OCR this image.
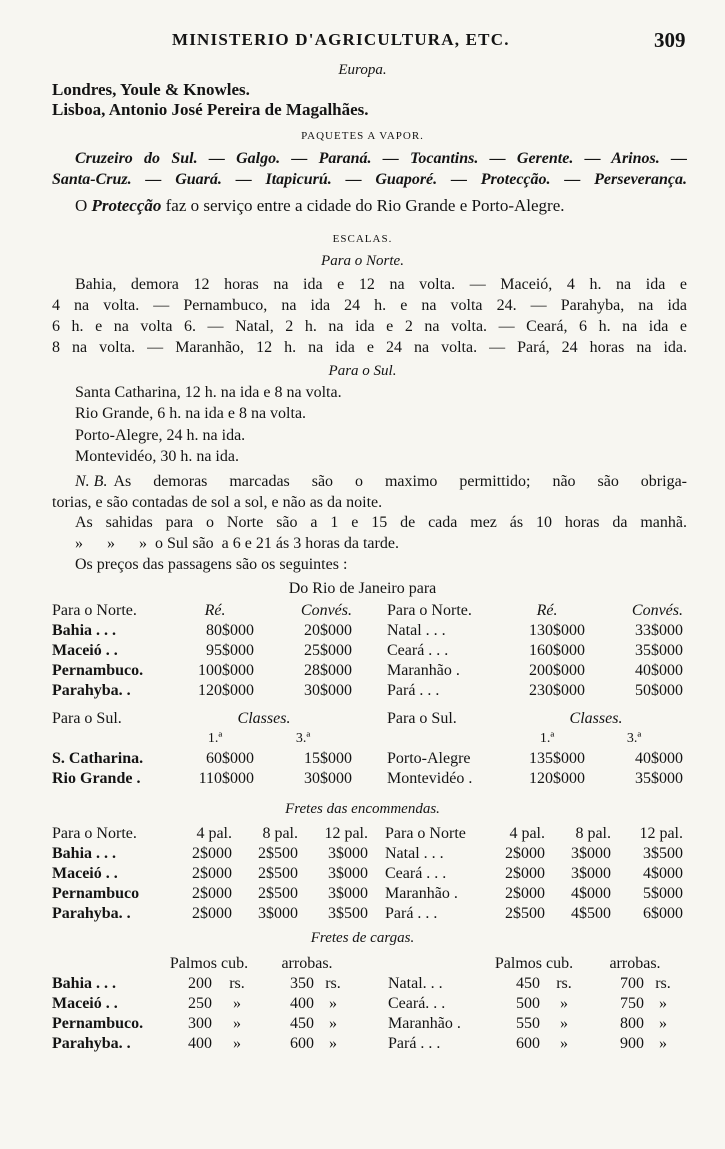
MINISTERIO D'AGRICULTURA, ETC.	309
Europa.
Londres, Youle & Knowles.
Lisboa, Antonio José Pereira de Magalhães.
PAQUETES A VAPOR.

Cruzeiro do Sul. — Galgo. — Paraná. — Tocantins. — Gerente. — Arinos. —

Santa-Cruz. — Guará. — Itapicurú. — Guaporé. — Protecção. — Perseverança.

O Protecção faz o serviço entre a cidade do Rio Grande e Porto-Alegre.
ESCALAS.
Para o Norte.

Bahia, demora 12 horas na ida e 12 na volta. — Maceió, 4 h. na ida e

4 na volta. — Pernambuco, na ida 24 h. e na volta 24. — Parahyba, na ida

6 h. e na volta 6. — Natal, 2 h. na ida e 2 na volta. — Ceará, 6 h. na ida e

8 na volta. — Maranhão, 12 h. na ida e 24 na volta. — Pará, 24 horas na ida.

Para o Sul.
Santa Catharina, 12 h. na ida e 8 na volta.
Rio Grande, 6 h. na ida e 8 na volta.
Porto-Alegre, 24 h. na ida.
Montevidéo, 30 h. na ida.
N. B. As demoras marcadas são o maximo permittido; não são obriga-
torias, e são contadas de sol a sol, e não as da noite.

As sahidas para o Norte são a 1 e 15 de cada mez ás 10 horas da manhã.

»      »      »  o Sul são  a 6 e 21 ás 3 horas da tarde.
Os preços das passagens são os seguintes :
Do Rio de Janeiro para
Para o Norte.	Ré.	Convés.
Bahia . . .	80$000	20$000
Maceió . .	95$000	25$000
Pernambuco.	100$000	28$000
Parahyba. .	120$000	30$000
Para o Norte.	Ré.	Convés.
Natal . . .	130$000	33$000
Ceará . . .	160$000	35$000
Maranhão .	200$000	40$000
Pará . . .	230$000	50$000
Para o Sul.	Classes.	
	1.ª	3.ª
S. Catharina.	60$000	15$000
Rio Grande .	110$000	30$000
Para o Sul.	Classes.	
	1.ª	3.ª
Porto-Alegre	135$000	40$000
Montevidéo .	120$000	35$000
Fretes das encommendas.
Para o Norte.	4 pal.	8 pal.	12 pal.
Bahia . . .	2$000	2$500	3$000
Maceió . .	2$000	2$500	3$000
Pernambuco	2$000	2$500	3$000
Parahyba. .	2$000	3$000	3$500
Para o Norte	4 pal.	8 pal.	12 pal.
Natal . . .	2$000	3$000	3$500
Ceará . . .	2$000	3$000	4$000
Maranhão .	2$000	4$000	5$000
Pará . . .	2$500	4$500	6$000
Fretes de cargas.
	Palmos cub.		arrobas.	
Bahia . . .	200	rs.	350	rs.
Maceió . .	250	»	400	»
Pernambuco.	300	»	450	»
Parahyba. .	400	»	600	»
	Palmos cub.		arrobas.	
Natal. . .	450	rs.	700	rs.
Ceará. . .	500	»	750	»
Maranhão .	550	»	800	»
Pará . . .	600	»	900	»
